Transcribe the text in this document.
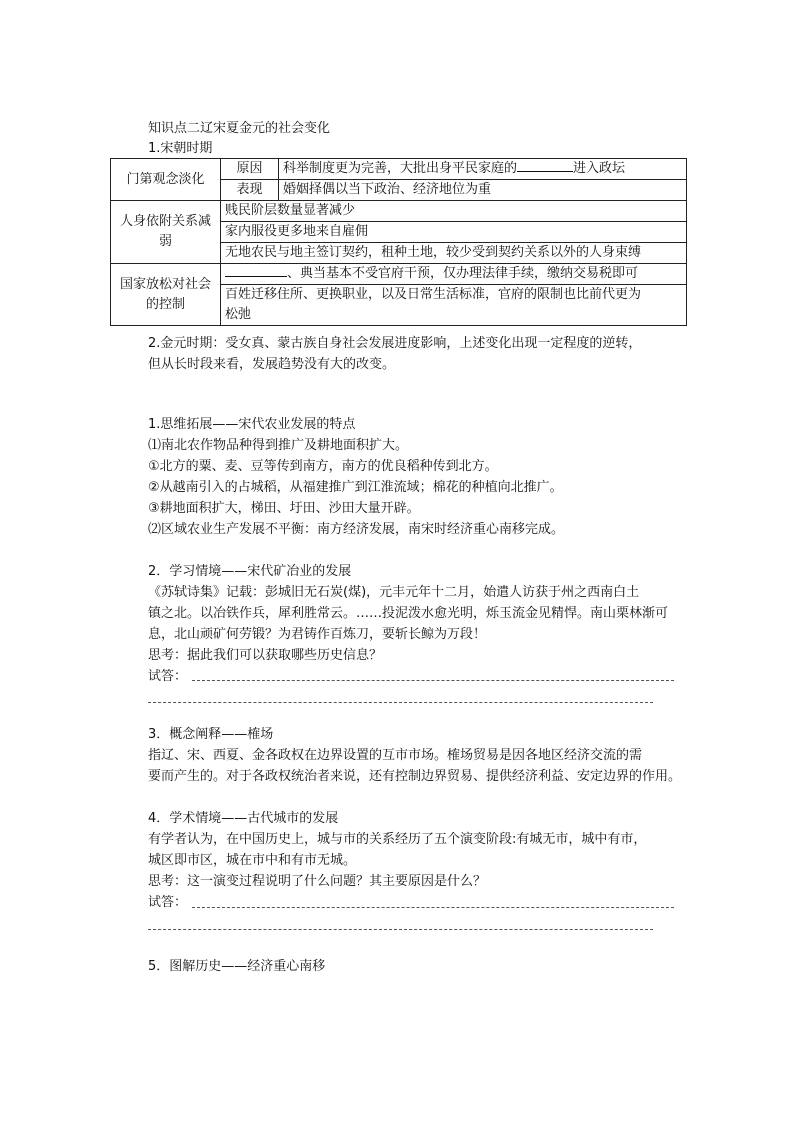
知识点二辽宋夏金元的社会变化
1.宋朝时期
门第观念淡化	原因	科举制度更为完善，大批出身平民家庭的 进入政坛
	表现	婚姻择偶以当下政治、经济地位为重
人身依附关系减弱	贱民阶层数量显著减少	
	家内服役更多地来自雇佣	
	无地农民与地主签订契约，租种土地，较少受到契约关系以外的人身束缚	
国家放松对社会的控制	、典当基本不受官府干预，仅办理法律手续，缴纳交易税即可	
	百姓迁移住所、更换职业，以及日常生活标准，官府的限制也比前代更为
松弛	
2.金元时期：受女真、蒙古族自身社会发展进度影响，上述变化出现一定程度的逆转，
但从长时段来看，发展趋势没有大的改变。
1.思维拓展——宋代农业发展的特点
⑴南北农作物品种得到推广及耕地面积扩大。
①北方的粟、麦、豆等传到南方，南方的优良稻种传到北方。
②从越南引入的占城稻，从福建推广到江淮流域；棉花的种植向北推广。
③耕地面积扩大，梯田、圩田、沙田大量开辟。
⑵区域农业生产发展不平衡：南方经济发展，南宋时经济重心南移完成。
2．学习情境——宋代矿冶业的发展
《苏轼诗集》记载：彭城旧无石炭(煤)，元丰元年十二月，始遣人访获于州之西南白土
镇之北。以冶铁作兵，犀利胜常云。……投泥泼水愈光明，烁玉流金见精悍。南山栗林渐可
息，北山顽矿何劳锻？为君铸作百炼刀，要斩长鲸为万段！
思考：据此我们可以获取哪些历史信息？
试答：
3．概念阐释——榷场
指辽、宋、西夏、金各政权在边界设置的互市市场。榷场贸易是因各地区经济交流的需
要而产生的。对于各政权统治者来说，还有控制边界贸易、提供经济利益、安定边界的作用。
4．学术情境——古代城市的发展
有学者认为，在中国历史上，城与市的关系经历了五个演变阶段:有城无市，城中有市，
城区即市区，城在市中和有市无城。
思考：这一演变过程说明了什么问题？其主要原因是什么？
试答：
5．图解历史——经济重心南移
